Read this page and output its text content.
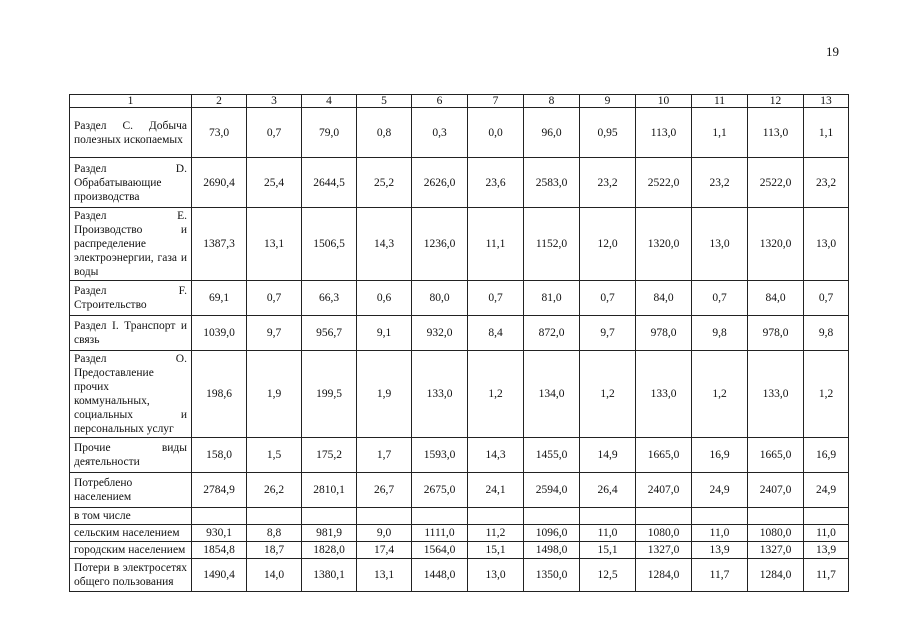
19
1	2	3	4	5	6	7	8	9	10	11	12	13
Раздел С. Добыча полезных ископаемых	73,0	0,7	79,0	0,8	0,3	0,0	96,0	0,95	113,0	1,1	113,0	1,1
Раздел D. Обрабатывающие производства	2690,4	25,4	2644,5	25,2	2626,0	23,6	2583,0	23,2	2522,0	23,2	2522,0	23,2
Раздел Е. Производство и распределение электроэнергии, газа и воды	1387,3	13,1	1506,5	14,3	1236,0	11,1	1152,0	12,0	1320,0	13,0	1320,0	13,0
Раздел F. Строительство	69,1	0,7	66,3	0,6	80,0	0,7	81,0	0,7	84,0	0,7	84,0	0,7
Раздел I. Транспорт и связь	1039,0	9,7	956,7	9,1	932,0	8,4	872,0	9,7	978,0	9,8	978,0	9,8
Раздел О. Предоставление прочих коммунальных, социальных и персональных услуг	198,6	1,9	199,5	1,9	133,0	1,2	134,0	1,2	133,0	1,2	133,0	1,2
Прочие виды деятельности	158,0	1,5	175,2	1,7	1593,0	14,3	1455,0	14,9	1665,0	16,9	1665,0	16,9
Потреблено населением	2784,9	26,2	2810,1	26,7	2675,0	24,1	2594,0	26,4	2407,0	24,9	2407,0	24,9
в том числе												
сельским населением	930,1	8,8	981,9	9,0	1111,0	11,2	1096,0	11,0	1080,0	11,0	1080,0	11,0
городским населением	1854,8	18,7	1828,0	17,4	1564,0	15,1	1498,0	15,1	1327,0	13,9	1327,0	13,9
Потери в электросетях общего пользования	1490,4	14,0	1380,1	13,1	1448,0	13,0	1350,0	12,5	1284,0	11,7	1284,0	11,7
